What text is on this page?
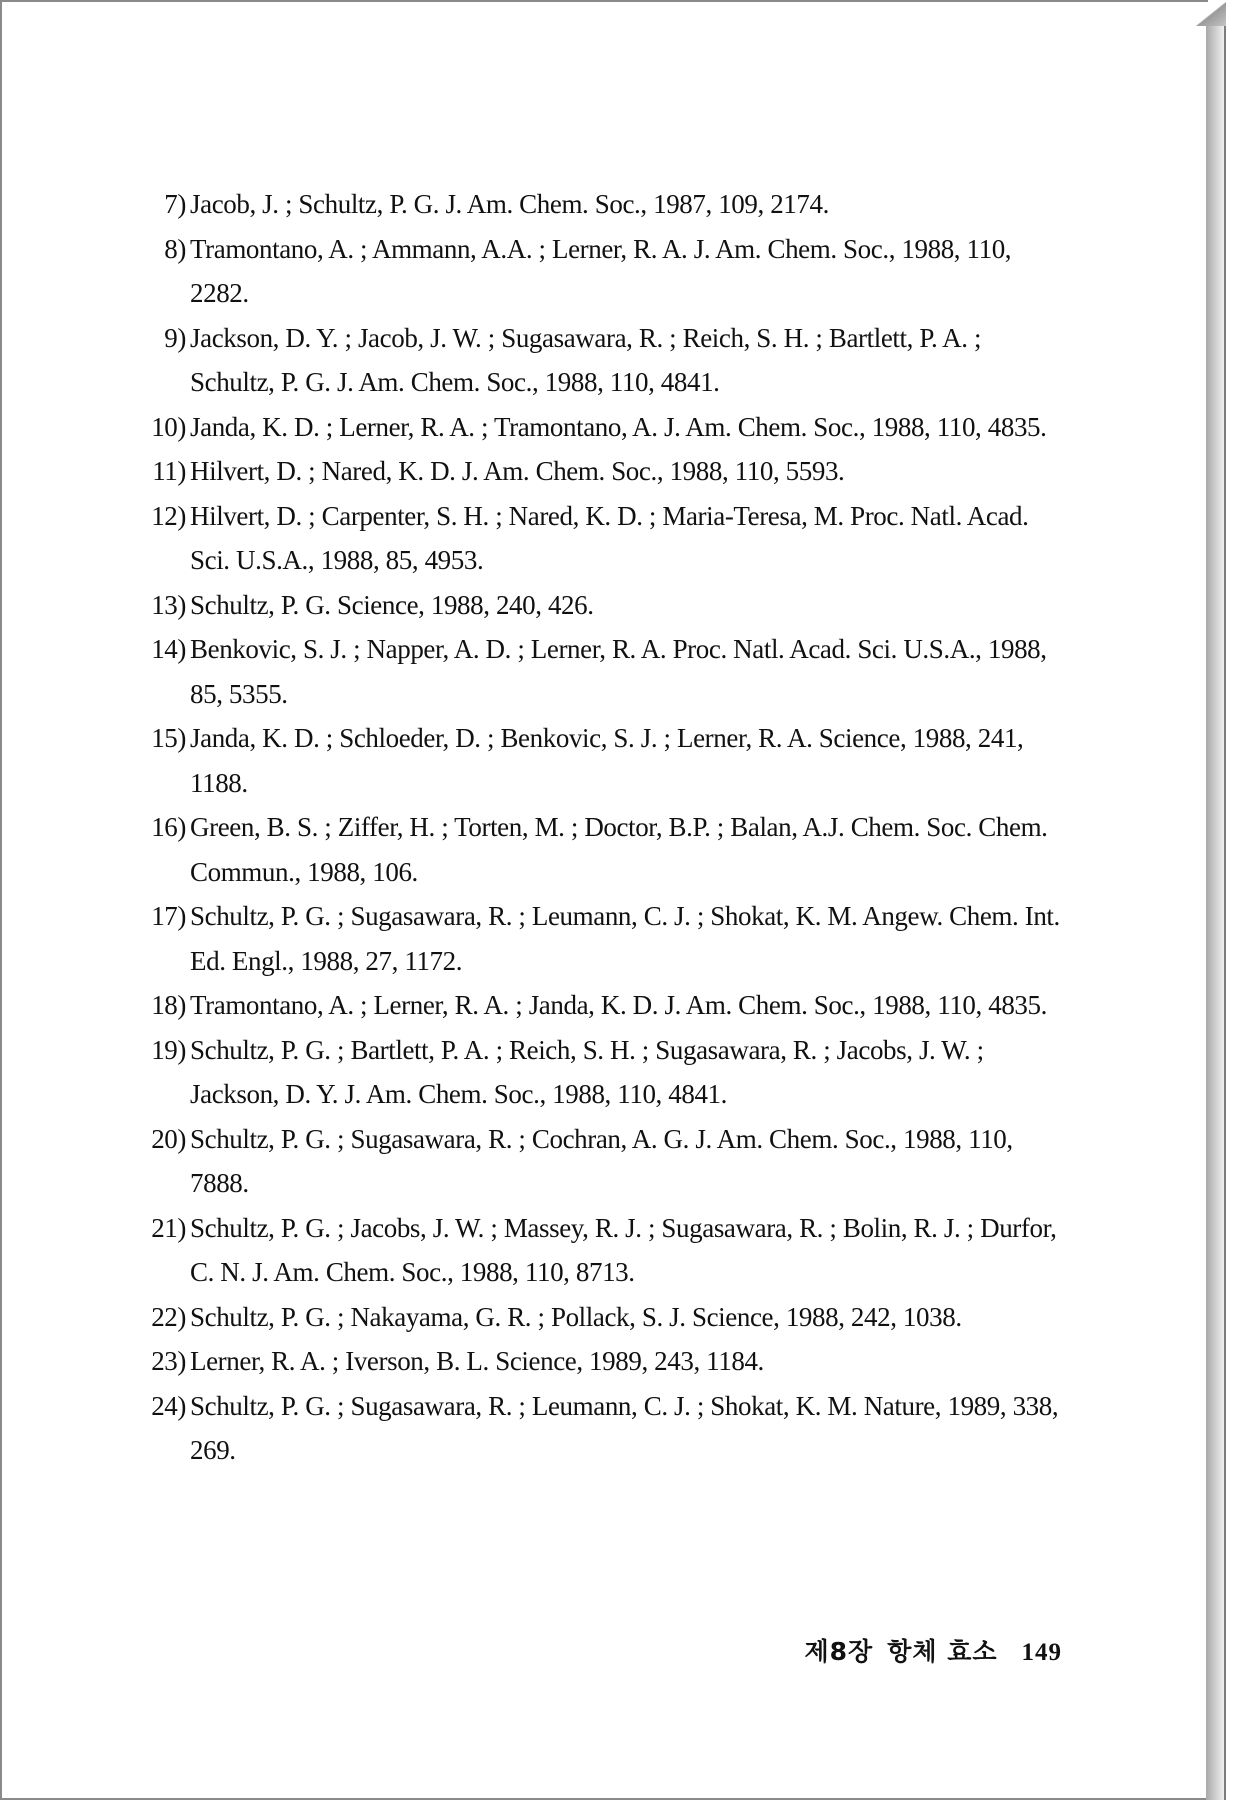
7) Jacob, J. ; Schultz, P. G. J. Am. Chem. Soc., 1987, 109, 2174.
8) Tramontano, A. ; Ammann, A.A. ; Lerner, R. A. J. Am. Chem. Soc., 1988, 110, 2282.
9) Jackson, D. Y. ; Jacob, J. W. ; Sugasawara, R. ; Reich, S. H. ; Bartlett, P. A. ; Schultz, P. G. J. Am. Chem. Soc., 1988, 110, 4841.
10) Janda, K. D. ; Lerner, R. A. ; Tramontano, A. J. Am. Chem. Soc., 1988, 110, 4835.
11) Hilvert, D. ; Nared, K. D. J. Am. Chem. Soc., 1988, 110, 5593.
12) Hilvert, D. ; Carpenter, S. H. ; Nared, K. D. ; Maria-Teresa, M. Proc. Natl. Acad. Sci. U.S.A., 1988, 85, 4953.
13) Schultz, P. G. Science, 1988, 240, 426.
14) Benkovic, S. J. ; Napper, A. D. ; Lerner, R. A. Proc. Natl. Acad. Sci. U.S.A., 1988, 85, 5355.
15) Janda, K. D. ; Schloeder, D. ; Benkovic, S. J. ; Lerner, R. A. Science, 1988, 241, 1188.
16) Green, B. S. ; Ziffer, H. ; Torten, M. ; Doctor, B.P. ; Balan, A.J. Chem. Soc. Chem. Commun., 1988, 106.
17) Schultz, P. G. ; Sugasawara, R. ; Leumann, C. J. ; Shokat, K. M. Angew. Chem. Int. Ed. Engl., 1988, 27, 1172.
18) Tramontano, A. ; Lerner, R. A. ; Janda, K. D. J. Am. Chem. Soc., 1988, 110, 4835.
19) Schultz, P. G. ; Bartlett, P. A. ; Reich, S. H. ; Sugasawara, R. ; Jacobs, J. W. ; Jackson, D. Y. J. Am. Chem. Soc., 1988, 110, 4841.
20) Schultz, P. G. ; Sugasawara, R. ; Cochran, A. G. J. Am. Chem. Soc., 1988, 110, 7888.
21) Schultz, P. G. ; Jacobs, J. W. ; Massey, R. J. ; Sugasawara, R. ; Bolin, R. J. ; Durfor, C. N. J. Am. Chem. Soc., 1988, 110, 8713.
22) Schultz, P. G. ; Nakayama, G. R. ; Pollack, S. J. Science, 1988, 242, 1038.
23) Lerner, R. A. ; Iverson, B. L. Science, 1989, 243, 1184.
24) Schultz, P. G. ; Sugasawara, R. ; Leumann, C. J. ; Shokat, K. M. Nature, 1989, 338, 269.
제8장 항체 효소 149
